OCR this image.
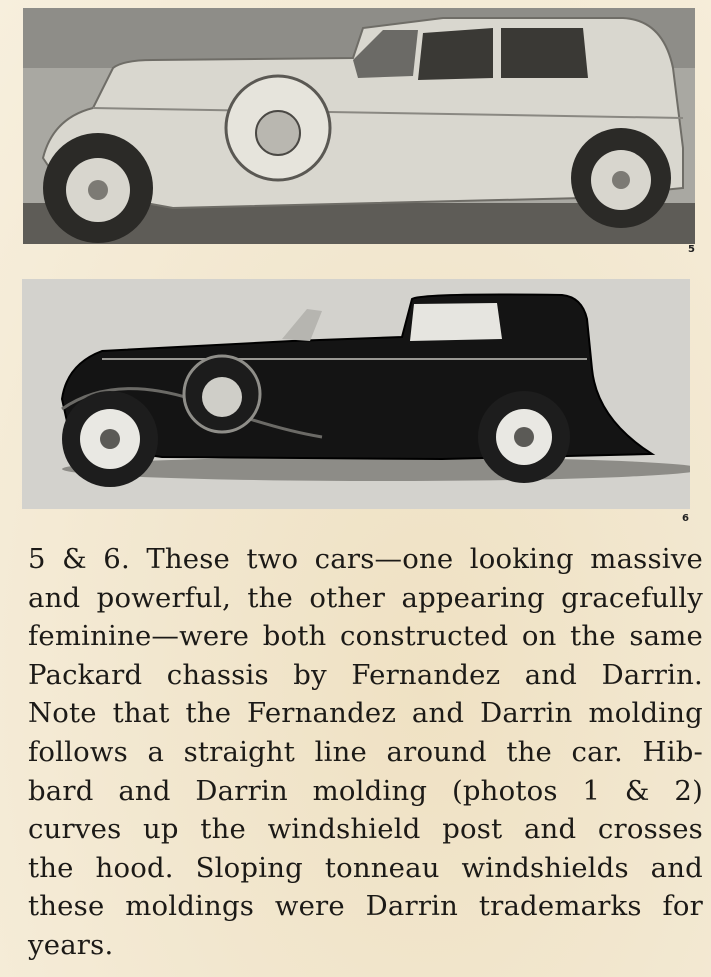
5
6
5 & 6. These two cars—one looking massive
and powerful, the other appearing gracefully
feminine—were both constructed on the same
Packard chassis by Fernandez and Darrin.
Note that the Fernandez and Darrin molding
follows a straight line around the car. Hib-
bard and Darrin molding (photos 1 & 2)
curves up the windshield post and crosses
the hood. Sloping tonneau windshields and
these moldings were Darrin trademarks for
years.
